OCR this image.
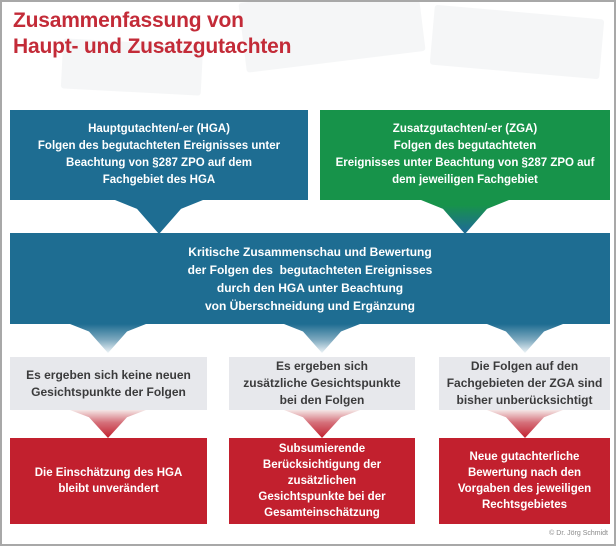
Zusammenfassung von
Haupt- und Zusatzgutachten
Hauptgutachten/-er (HGA)
Folgen des begutachteten Ereignisses unter
Beachtung von §287 ZPO auf dem
Fachgebiet des HGA
Zusatzgutachten/-er (ZGA)
Folgen des begutachteten
Ereignisses unter Beachtung von §287 ZPO auf
dem jeweiligen Fachgebiet
Kritische Zusammenschau und Bewertung
der Folgen des  begutachteten Ereignisses
durch den HGA unter Beachtung
von Überschneidung und Ergänzung
Es ergeben sich keine neuen
Gesichtspunkte der Folgen
Es ergeben sich
zusätzliche Gesichtspunkte
bei den Folgen
Die Folgen auf den
Fachgebieten der ZGA sind
bisher unberücksichtigt
Die Einschätzung des HGA
bleibt unverändert
Subsumierende
Berücksichtigung der
zusätzlichen
Gesichtspunkte bei der
Gesamteinschätzung
Neue gutachterliche
Bewertung nach den
Vorgaben des jeweiligen
Rechtsgebietes
© Dr. Jörg Schmidt
